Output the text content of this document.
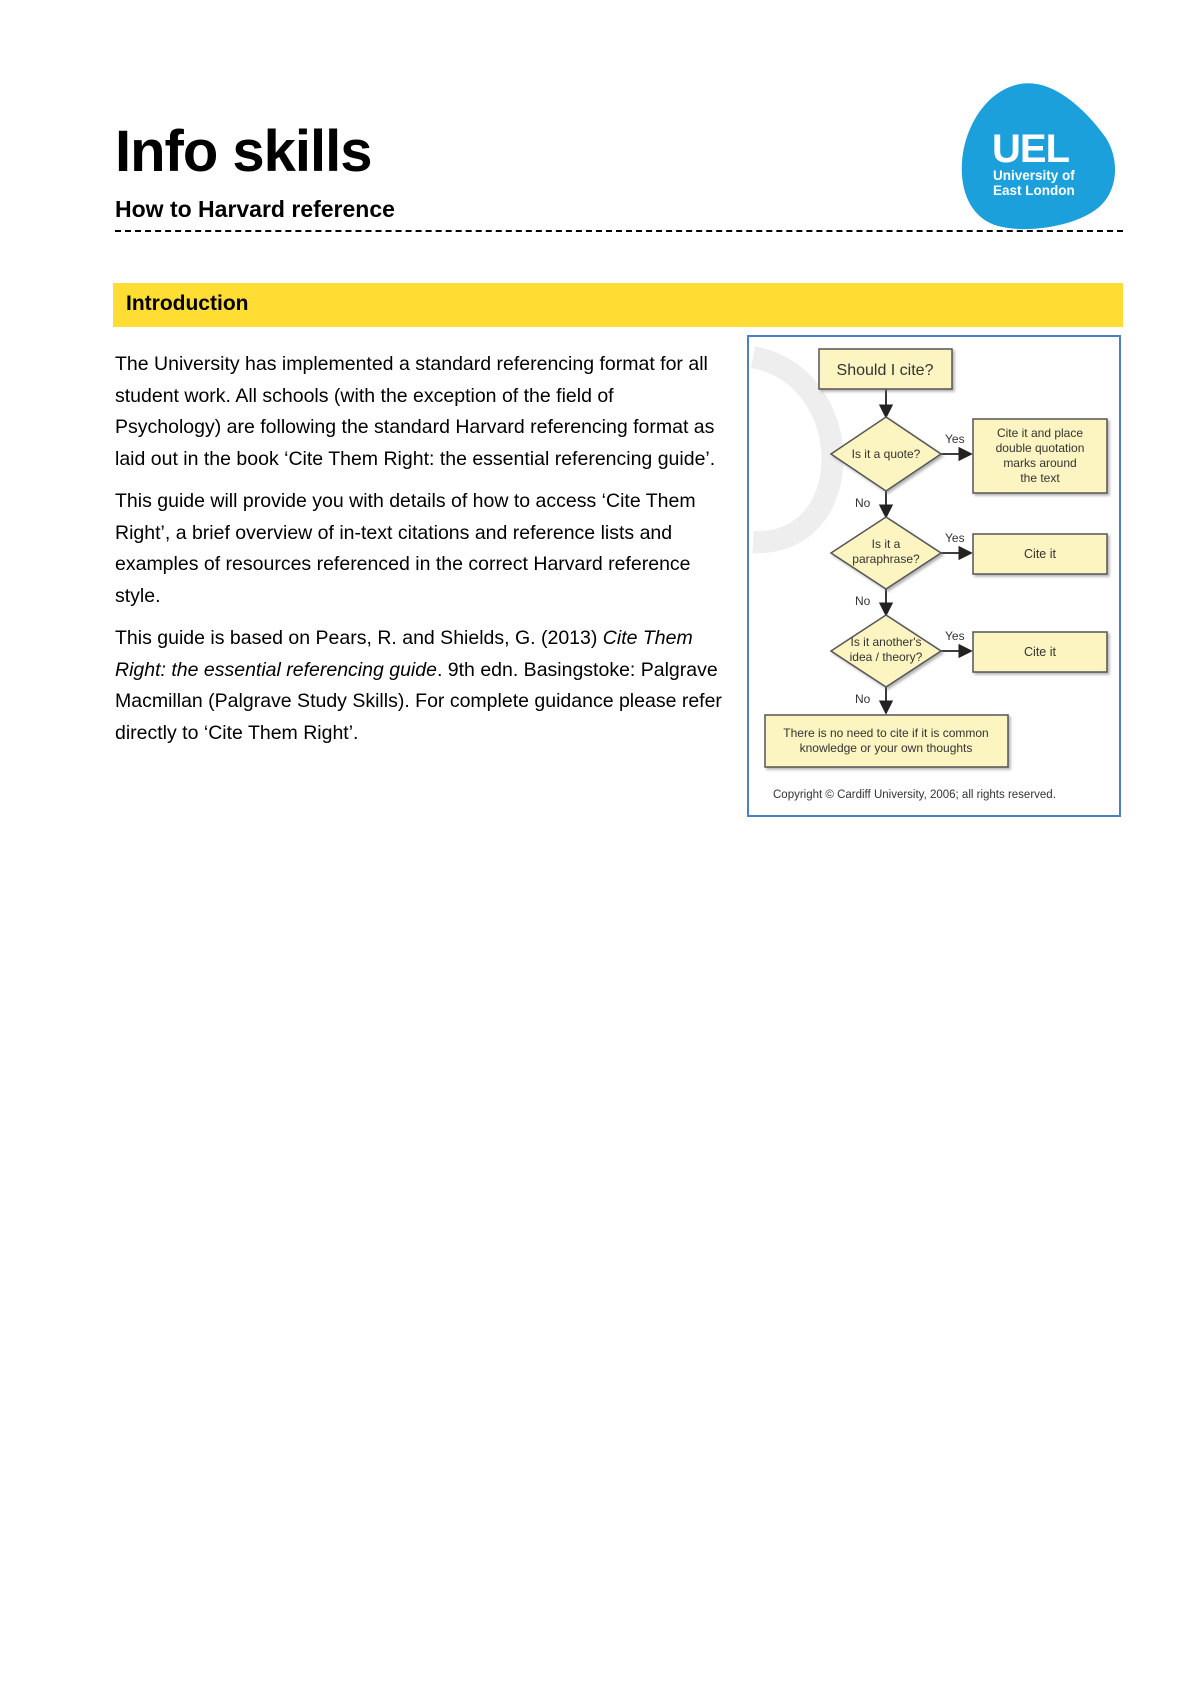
Info skills
How to Harvard reference
UEL
University of
East London
Introduction

The University has implemented a standard referencing format for all student work. All schools (with the exception of the field of Psychology) are following the standard Harvard referencing format as laid out in the book ‘Cite Them Right: the essential referencing guide’.

This guide will provide you with details of how to access ‘Cite Them Right’, a brief overview of in-text citations and reference lists and examples of resources referenced in the correct Harvard reference style.

This guide is based on Pears, R. and Shields, G. (2013) Cite Them Right: the essential referencing guide. 9th edn. Basingstoke: Palgrave Macmillan (Palgrave Study Skills). For complete guidance please refer directly to ‘Cite Them Right’.

Should I cite?
Is it a quote?
Is it a
paraphrase?
Is it another's
idea / theory?
Cite it and place
double quotation
marks around
the text
Cite it
Cite it
There is no need to cite if it is common
knowledge or your own thoughts
Yes
Yes
Yes
No
No
No
Copyright © Cardiff University, 2006; all rights reserved.
